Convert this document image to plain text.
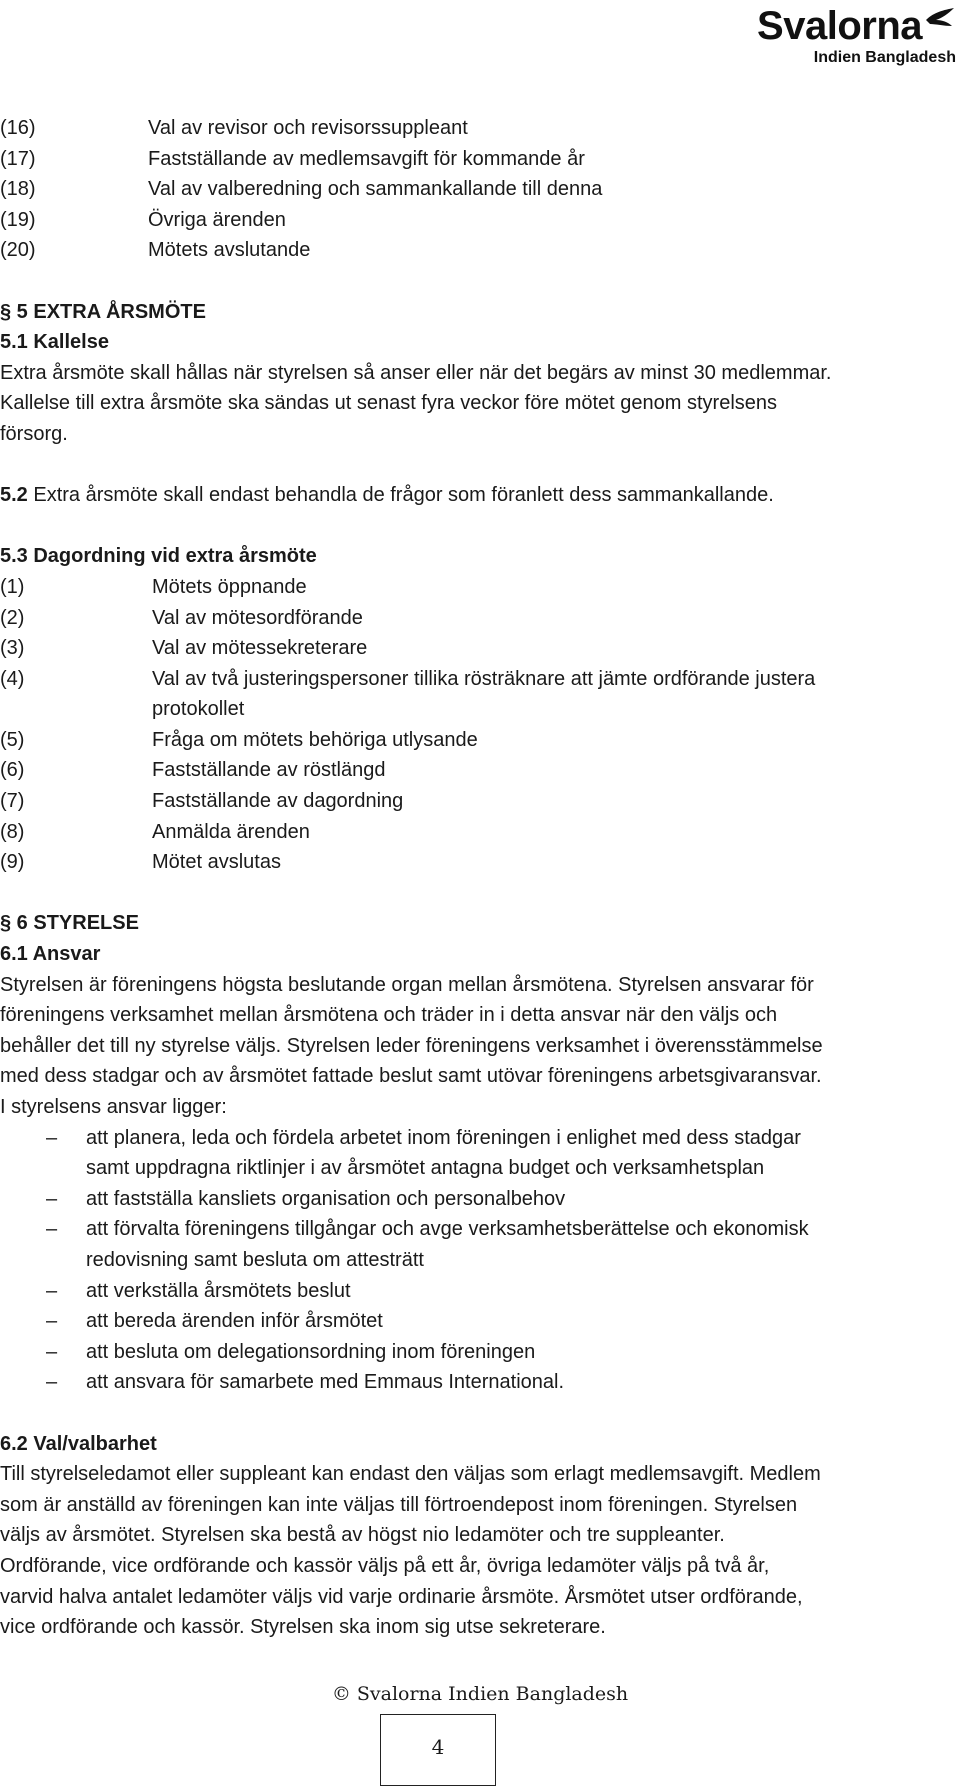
Svalorna
Indien Bangladesh
(16)	Val av revisor och revisorssuppleant
(17)	Fastställande av medlemsavgift för kommande år
(18)	Val av valberedning och sammankallande till denna
(19)	Övriga ärenden
(20)	Mötets avslutande
§ 5 EXTRA ÅRSMÖTE
5.1 Kallelse
Extra årsmöte skall hållas när styrelsen så anser eller när det begärs av minst 30 medlemmar.
Kallelse till extra årsmöte ska sändas ut senast fyra veckor före mötet genom styrelsens
försorg.
5.2 Extra årsmöte skall endast behandla de frågor som föranlett dess sammankallande.
5.3 Dagordning vid extra årsmöte
(1)	Mötets öppnande
(2)	Val av mötesordförande
(3)	Val av mötessekreterare
(4)	Val av två justeringspersoner tillika rösträknare att jämte ordförande justera
protokollet
(5)	Fråga om mötets behöriga utlysande
(6)	Fastställande av röstlängd
(7)	Fastställande av dagordning
(8)	Anmälda ärenden
(9)	Mötet avslutas
§ 6 STYRELSE
6.1 Ansvar
Styrelsen är föreningens högsta beslutande organ mellan årsmötena. Styrelsen ansvarar för
föreningens verksamhet mellan årsmötena och träder in i detta ansvar när den väljs och
behåller det till ny styrelse väljs. Styrelsen leder föreningens verksamhet i överensstämmelse
med dess stadgar och av årsmötet fattade beslut samt utövar föreningens arbetsgivaransvar.
I styrelsens ansvar ligger:
– att planera, leda och fördela arbetet inom föreningen i enlighet med dess stadgar
samt uppdragna riktlinjer i av årsmötet antagna budget och verksamhetsplan
– att fastställa kansliets organisation och personalbehov
– att förvalta föreningens tillgångar och avge verksamhetsberättelse och ekonomisk
redovisning samt besluta om attesträtt
– att verkställa årsmötets beslut
– att bereda ärenden inför årsmötet
– att besluta om delegationsordning inom föreningen
– att ansvara för samarbete med Emmaus International.
6.2 Val/valbarhet
Till styrelseledamot eller suppleant kan endast den väljas som erlagt medlemsavgift. Medlem
som är anställd av föreningen kan inte väljas till förtroendepost inom föreningen. Styrelsen
väljs av årsmötet. Styrelsen ska bestå av högst nio ledamöter och tre suppleanter.
Ordförande, vice ordförande och kassör väljs på ett år, övriga ledamöter väljs på två år,
varvid halva antalet ledamöter väljs vid varje ordinarie årsmöte. Årsmötet utser ordförande,
vice ordförande och kassör. Styrelsen ska inom sig utse sekreterare.
© Svalorna Indien Bangladesh
4
